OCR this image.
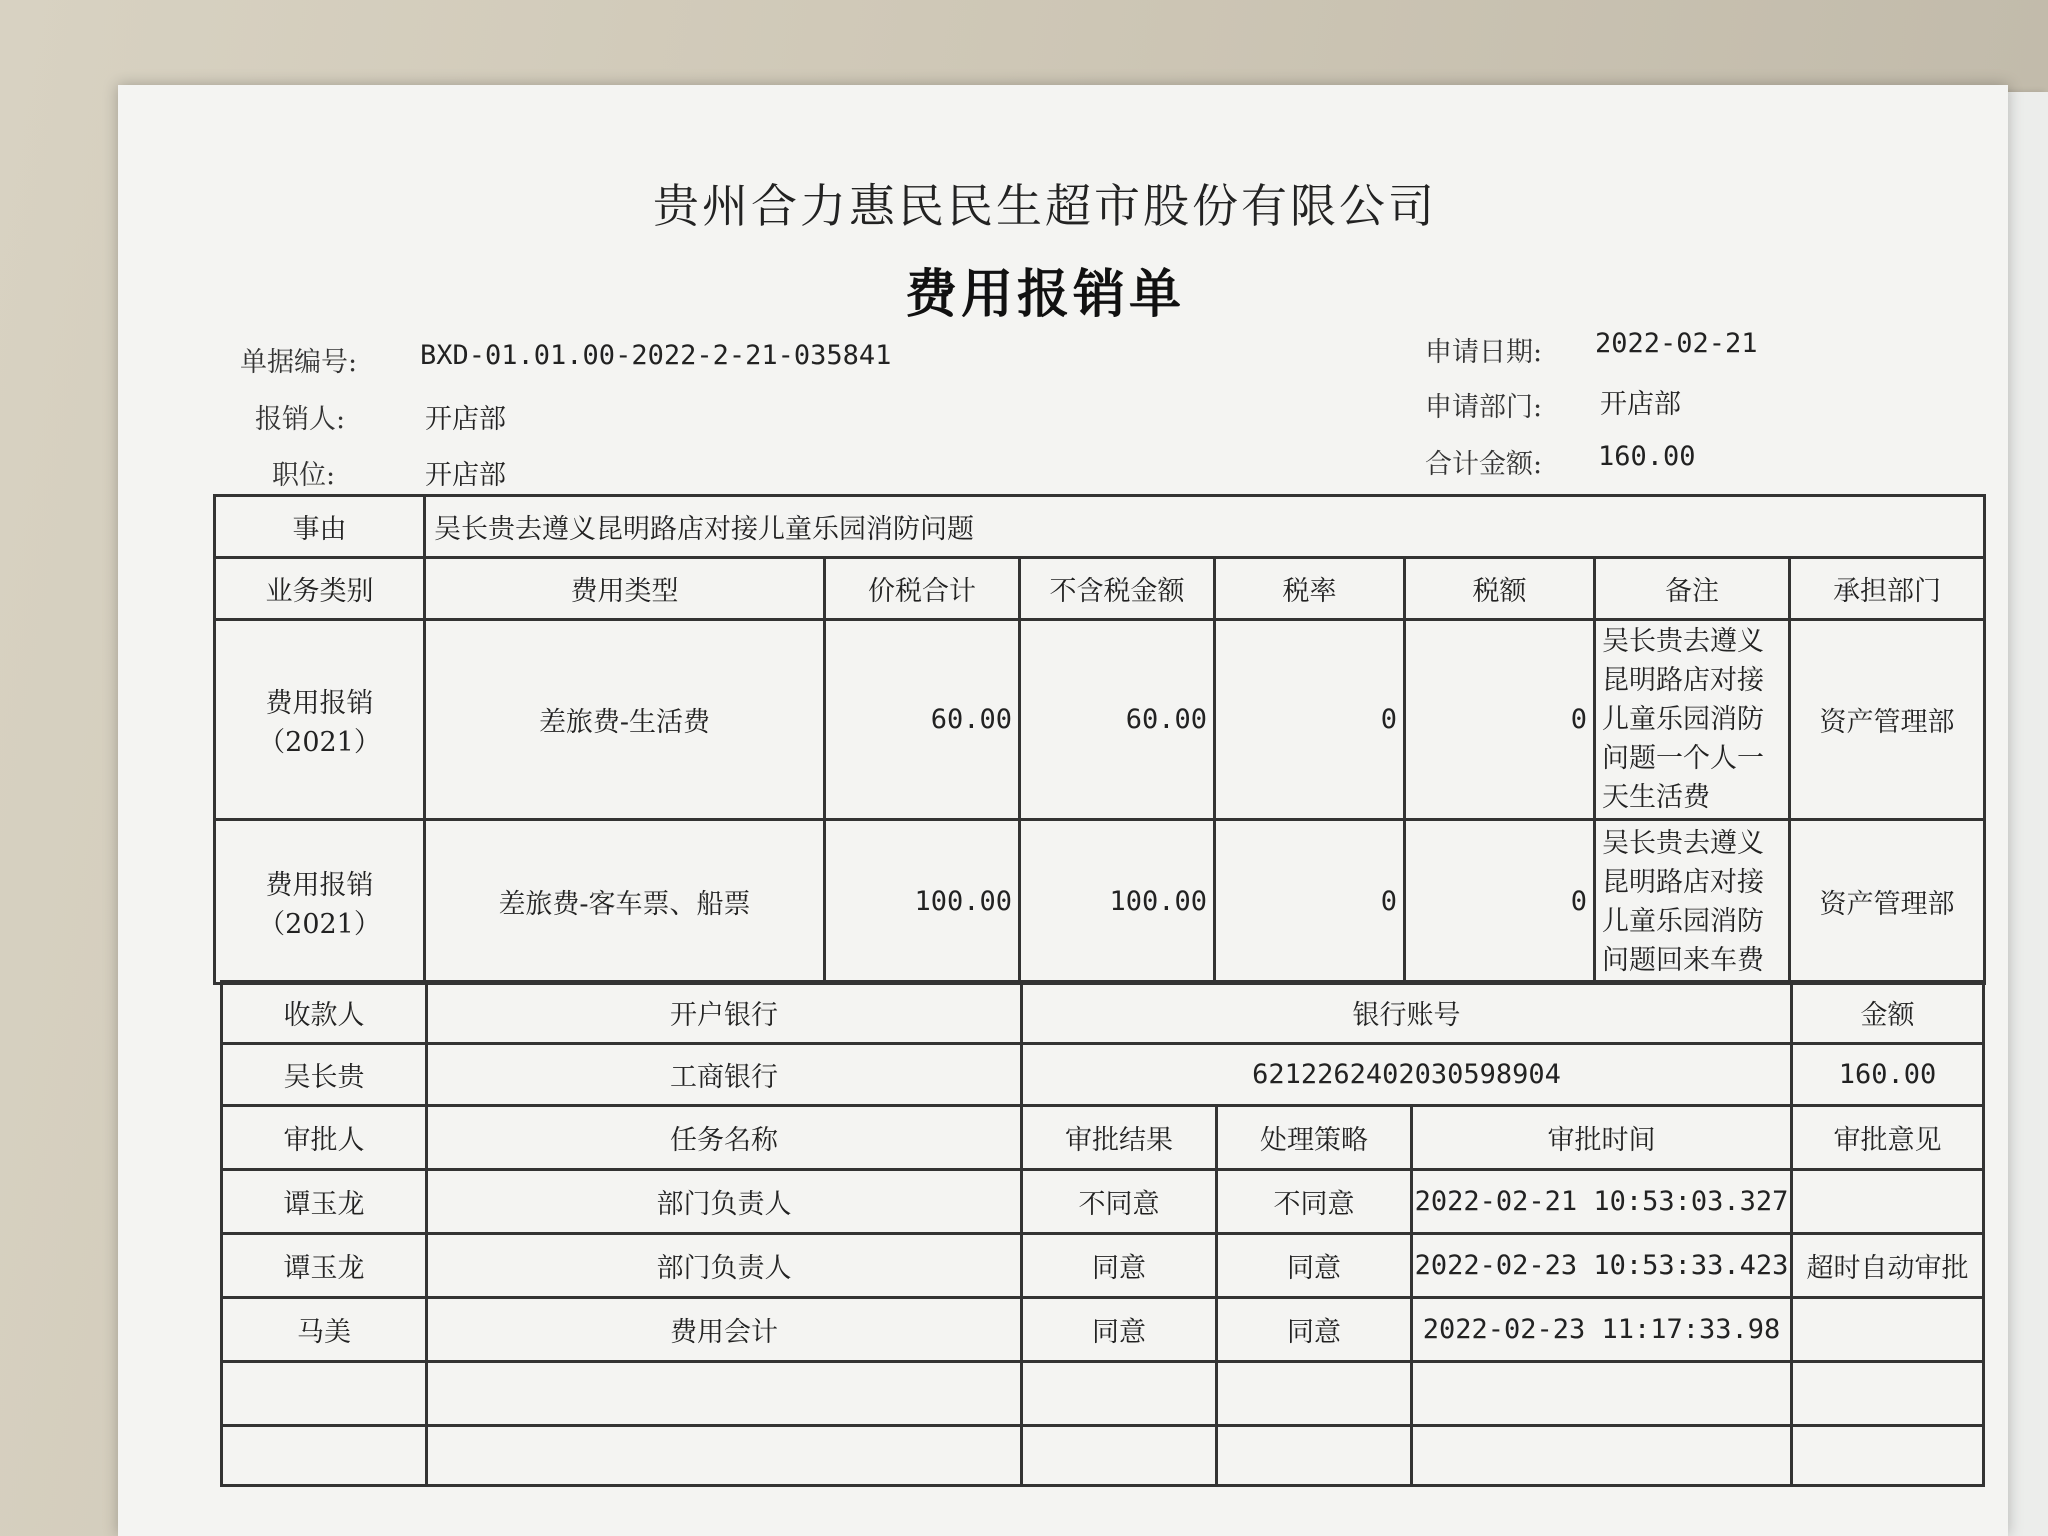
贵州合力惠民民生超市股份有限公司
费用报销单
单据编号: BXD-01.01.00-2022-2-21-035841
报销人:	开店部
职位:	开店部
申请日期: 2022-02-21
申请部门: 开店部
合计金额: 160.00
事由	吴长贵去遵义昆明路店对接儿童乐园消防问题						
业务类别	费用类型	价税合计	不含税金额	税率	税额	备注	承担部门
费用报销（2021）	差旅费-生活费	60.00	60.00	0	0	吴长贵去遵义昆明路店对接儿童乐园消防问题一个人一天生活费	资产管理部
费用报销（2021）	差旅费-客车票、船票	100.00	100.00	0	0	吴长贵去遵义昆明路店对接儿童乐园消防问题回来车费	资产管理部
收款人	开户银行	银行账号			金额
吴长贵	工商银行	6212262402030598904			160.00
审批人	任务名称	审批结果	处理策略	审批时间	审批意见
谭玉龙	部门负责人	不同意	不同意	2022-02-21 10:53:03.327	
谭玉龙	部门负责人	同意	同意	2022-02-23 10:53:33.423	超时自动审批
马美	费用会计	同意	同意	2022-02-23 11:17:33.98	
